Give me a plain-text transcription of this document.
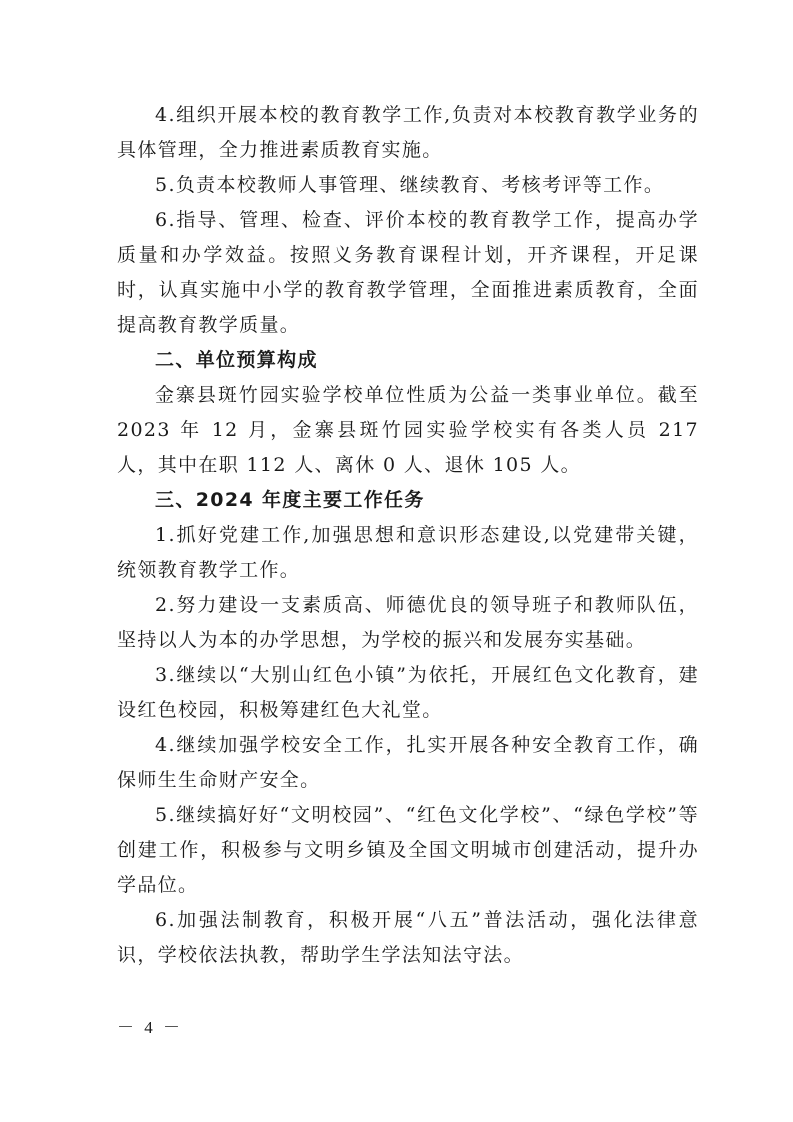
4.组织开展本校的教育教学工作,负责对本校教育教学业务的具体管理，全力推进素质教育实施。

5.负责本校教师人事管理、继续教育、考核考评等工作。

6.指导、管理、检查、评价本校的教育教学工作，提高办学质量和办学效益。按照义务教育课程计划，开齐课程，开足课时，认真实施中小学的教育教学管理，全面推进素质教育，全面提高教育教学质量。

二、单位预算构成

金寨县斑竹园实验学校单位性质为公益一类事业单位。截至2023 年 12 月，金寨县斑竹园实验学校实有各类人员 217 人，其中在职 112 人、离休 0 人、退休 105 人。

三、2024 年度主要工作任务

1.抓好党建工作,加强思想和意识形态建设,以党建带关键，统领教育教学工作。

2.努力建设一支素质高、师德优良的领导班子和教师队伍，坚持以人为本的办学思想，为学校的振兴和发展夯实基础。

3.继续以“大别山红色小镇”为依托，开展红色文化教育，建设红色校园，积极筹建红色大礼堂。

4.继续加强学校安全工作，扎实开展各种安全教育工作，确保师生生命财产安全。

5.继续搞好好“文明校园”、“红色文化学校”、“绿色学校”等创建工作，积极参与文明乡镇及全国文明城市创建活动，提升办学品位。

6.加强法制教育，积极开展“八五”普法活动，强化法律意识，学校依法执教，帮助学生学法知法守法。

－ 4 －
